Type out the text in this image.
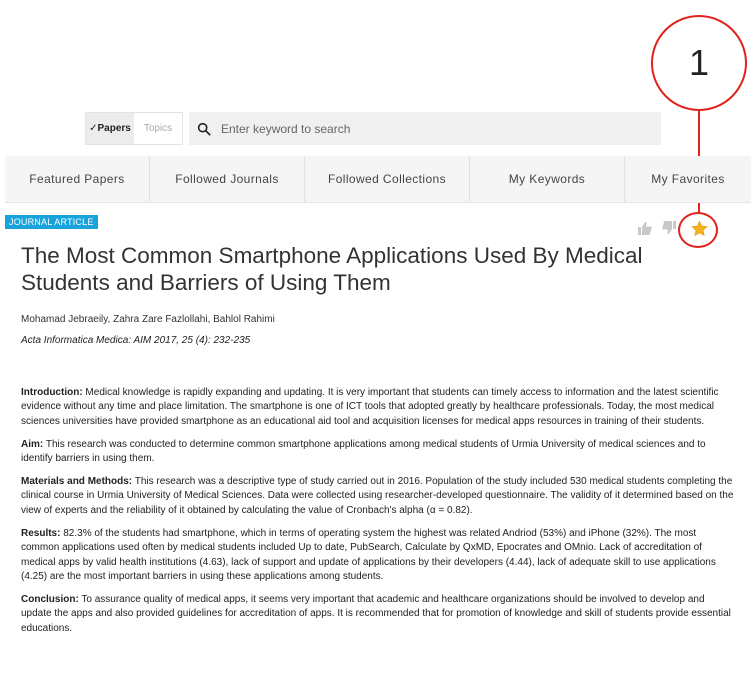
1
✓Papers	Topics
Enter keyword to search
Featured Papers	Followed Journals	Followed Collections	My Keywords	My Favorites
JOURNAL ARTICLE
The Most Common Smartphone Applications Used By Medical Students and Barriers of Using Them
Mohamad Jebraeily, Zahra Zare Fazlollahi, Bahlol Rahimi
Acta Informatica Medica: AIM 2017, 25 (4): 232-235

Introduction: Medical knowledge is rapidly expanding and updating. It is very important that students can timely access to information and the latest scientific evidence without any time and place limitation. The smartphone is one of ICT tools that adopted greatly by healthcare professionals. Today, the most medical sciences universities have provided smartphone as an educational aid tool and acquisition licenses for medical apps resources in training of their students.

Aim: This research was conducted to determine common smartphone applications among medical students of Urmia University of medical sciences and to identify barriers in using them.

Materials and Methods: This research was a descriptive type of study carried out in 2016. Population of the study included 530 medical students completing the clinical course in Urmia University of Medical Sciences. Data were collected using researcher-developed questionnaire. The validity of it determined based on the view of experts and the reliability of it obtained by calculating the value of Cronbach's alpha (α = 0.82).

Results: 82.3% of the students had smartphone, which in terms of operating system the highest was related Andriod (53%) and iPhone (32%). The most common applications used often by medical students included Up to date, PubSearch, Calculate by QxMD, Epocrates and OMnio. Lack of accreditation of medical apps by valid health institutions (4.63), lack of support and update of applications by their developers (4.44), lack of adequate skill to use applications (4.25) are the most important barriers in using these applications among students.

Conclusion: To assurance quality of medical apps, it seems very important that academic and healthcare organizations should be involved to develop and update the apps and also provided guidelines for accreditation of apps. It is recommended that for promotion of knowledge and skill of students provide essential educations.
